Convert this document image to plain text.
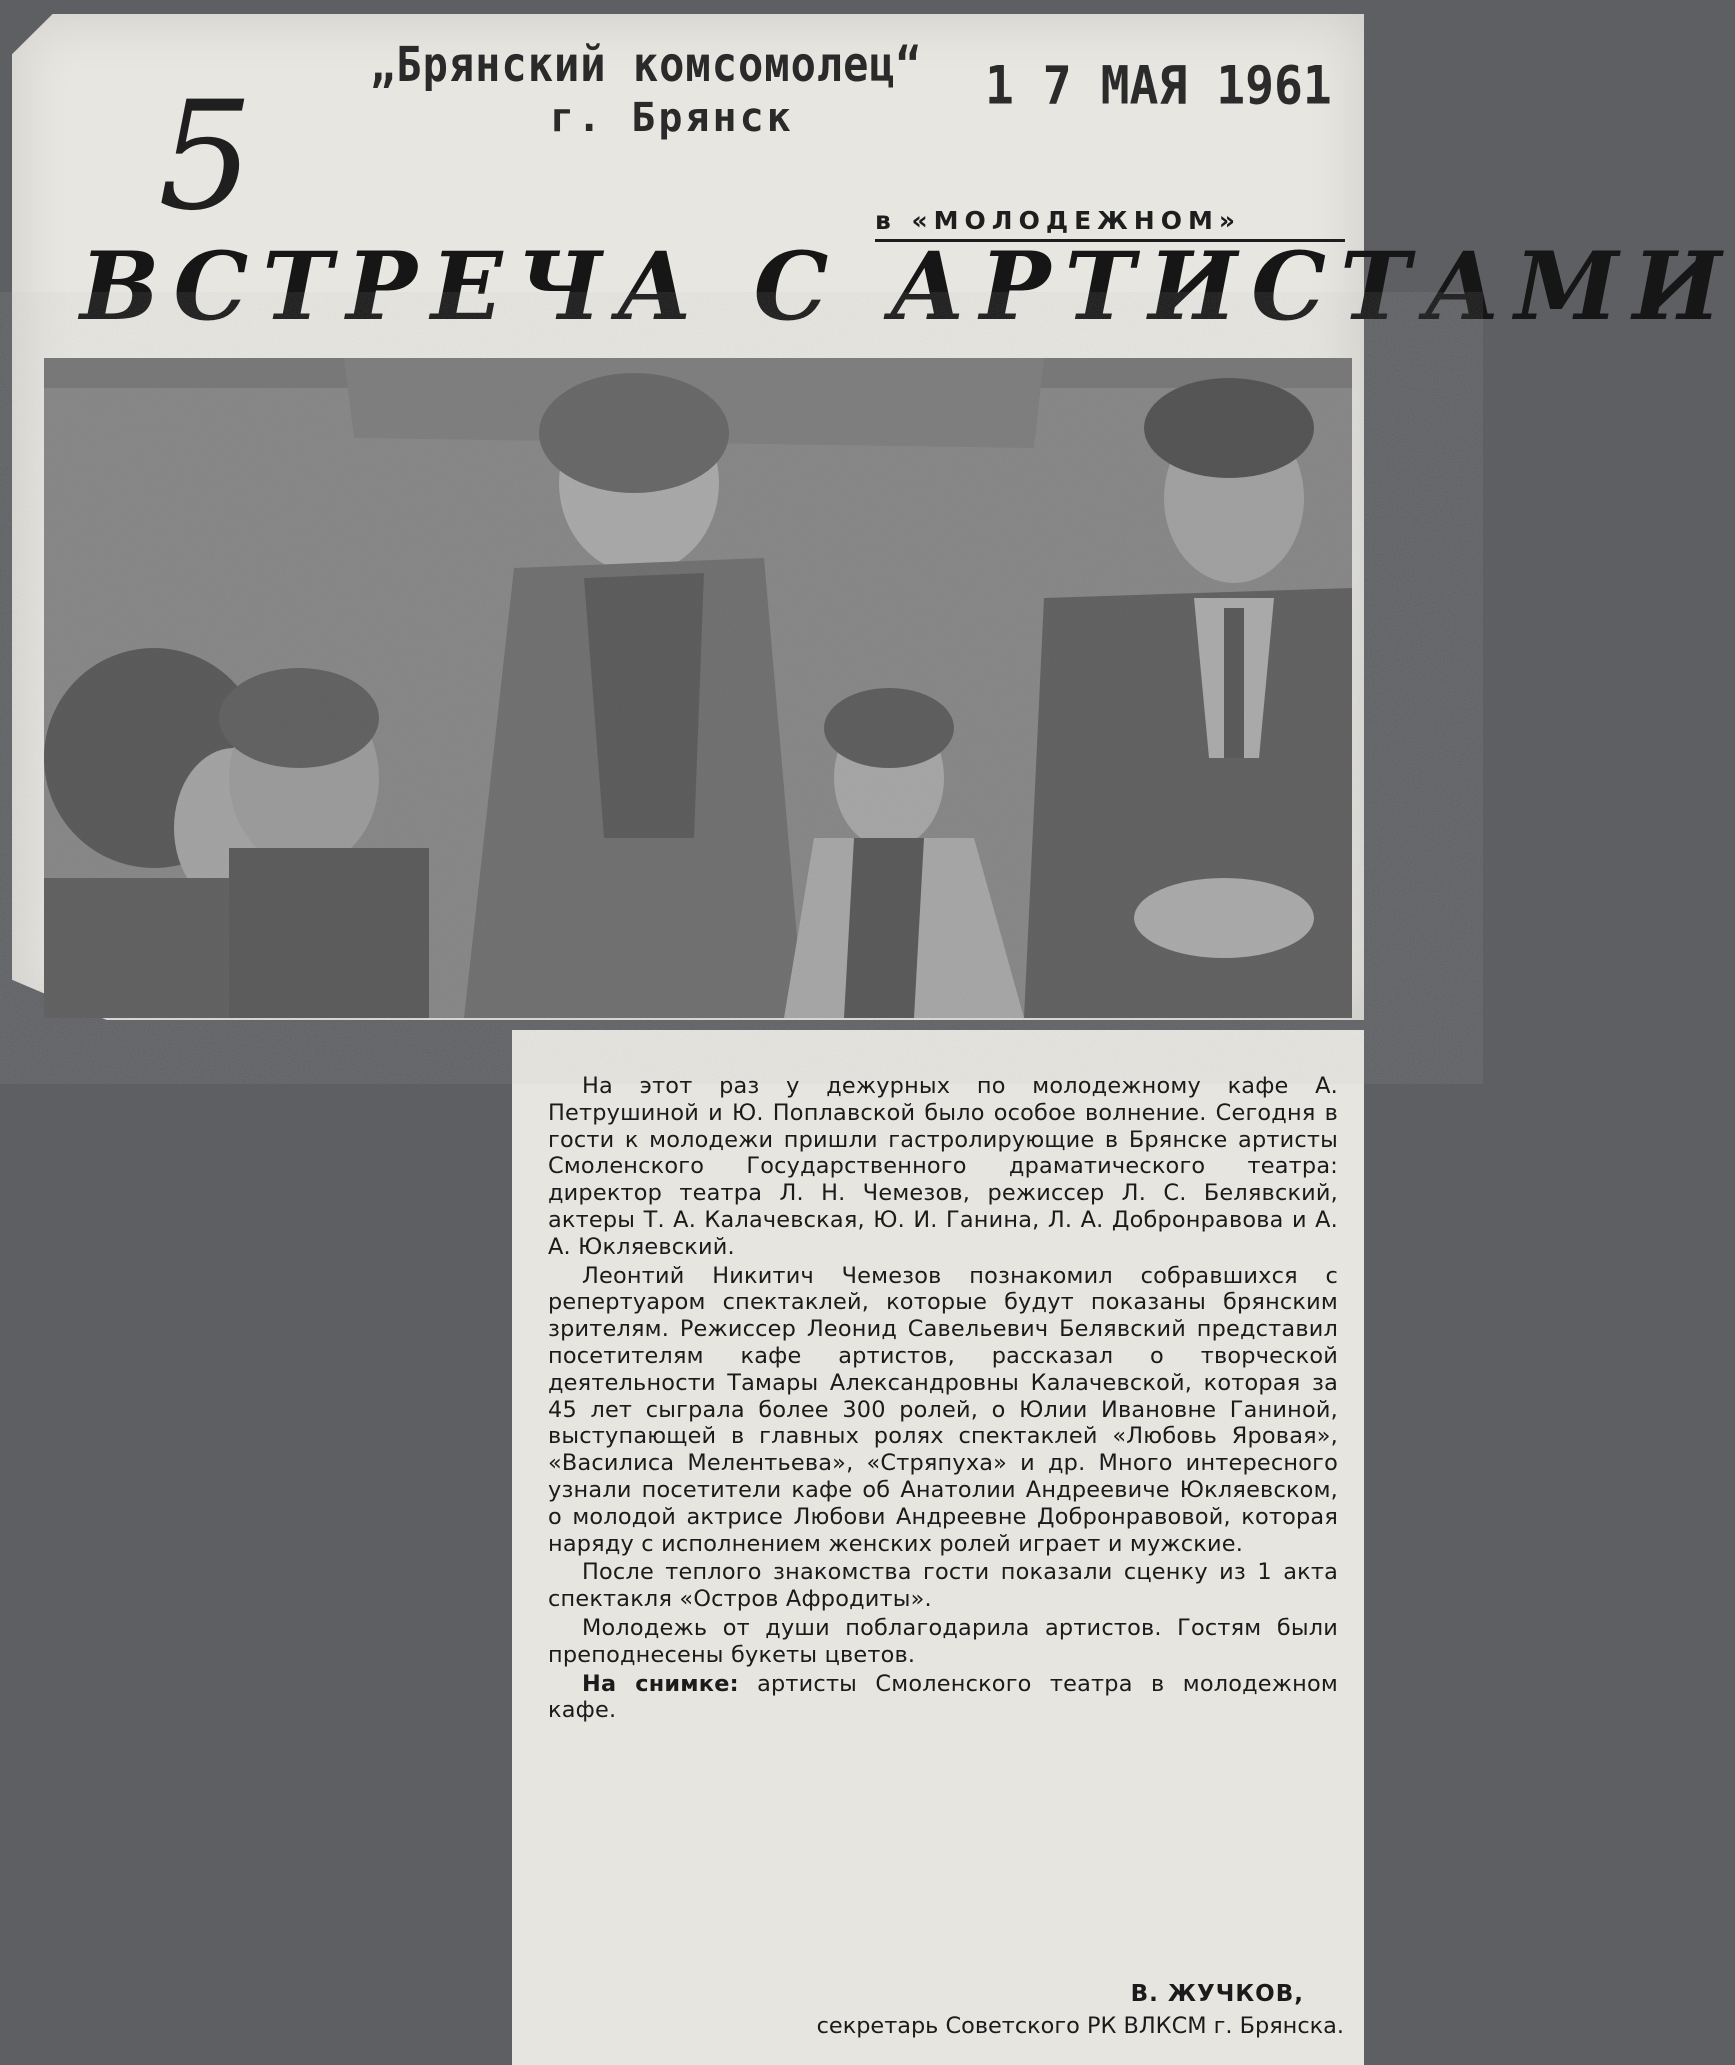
„Брянский комсомолец“
г. Брянск
1 7 МАЯ 1961
5	в «МОЛОДЕЖНОМ»
ВСТРЕЧА С АРТИСТАМИ

На этот раз у дежурных по молодежному кафе А. Петрушиной и Ю. Поплавской было особое волнение. Сегодня в гости к молодежи пришли гастролирующие в Брянске артисты Смоленского Государственного драматического театра: директор театра Л. Н. Чемезов, режиссер Л. С. Белявский, актеры Т. А. Калачевская, Ю. И. Ганина, Л. А. Добронравова и А. А. Юкляевский.

Леонтий Никитич Чемезов познакомил собравшихся с репертуаром спектаклей, которые будут показаны брянским зрителям. Режиссер Леонид Савельевич Белявский представил посетителям кафе артистов, рассказал о творческой деятельности Тамары Александровны Калачевской, которая за 45 лет сыграла более 300 ролей, о Юлии Ивановне Ганиной, выступающей в главных ролях спектаклей «Любовь Яровая», «Василиса Мелентьева», «Стряпуха» и др. Много интересного узнали посетители кафе об Анатолии Андреевиче Юкляевском, о молодой актрисе Любови Андреевне Добронравовой, которая наряду с исполнением женских ролей играет и мужские.

После теплого знакомства гости показали сценку из 1 акта спектакля «Остров Афродиты».

Молодежь от души поблагодарила артистов. Гостям были преподнесены букеты цветов.

На снимке: артисты Смоленского театра в молодежном кафе.

В. ЖУЧКОВ,
секретарь Советского РК ВЛКСМ г. Брянска.
